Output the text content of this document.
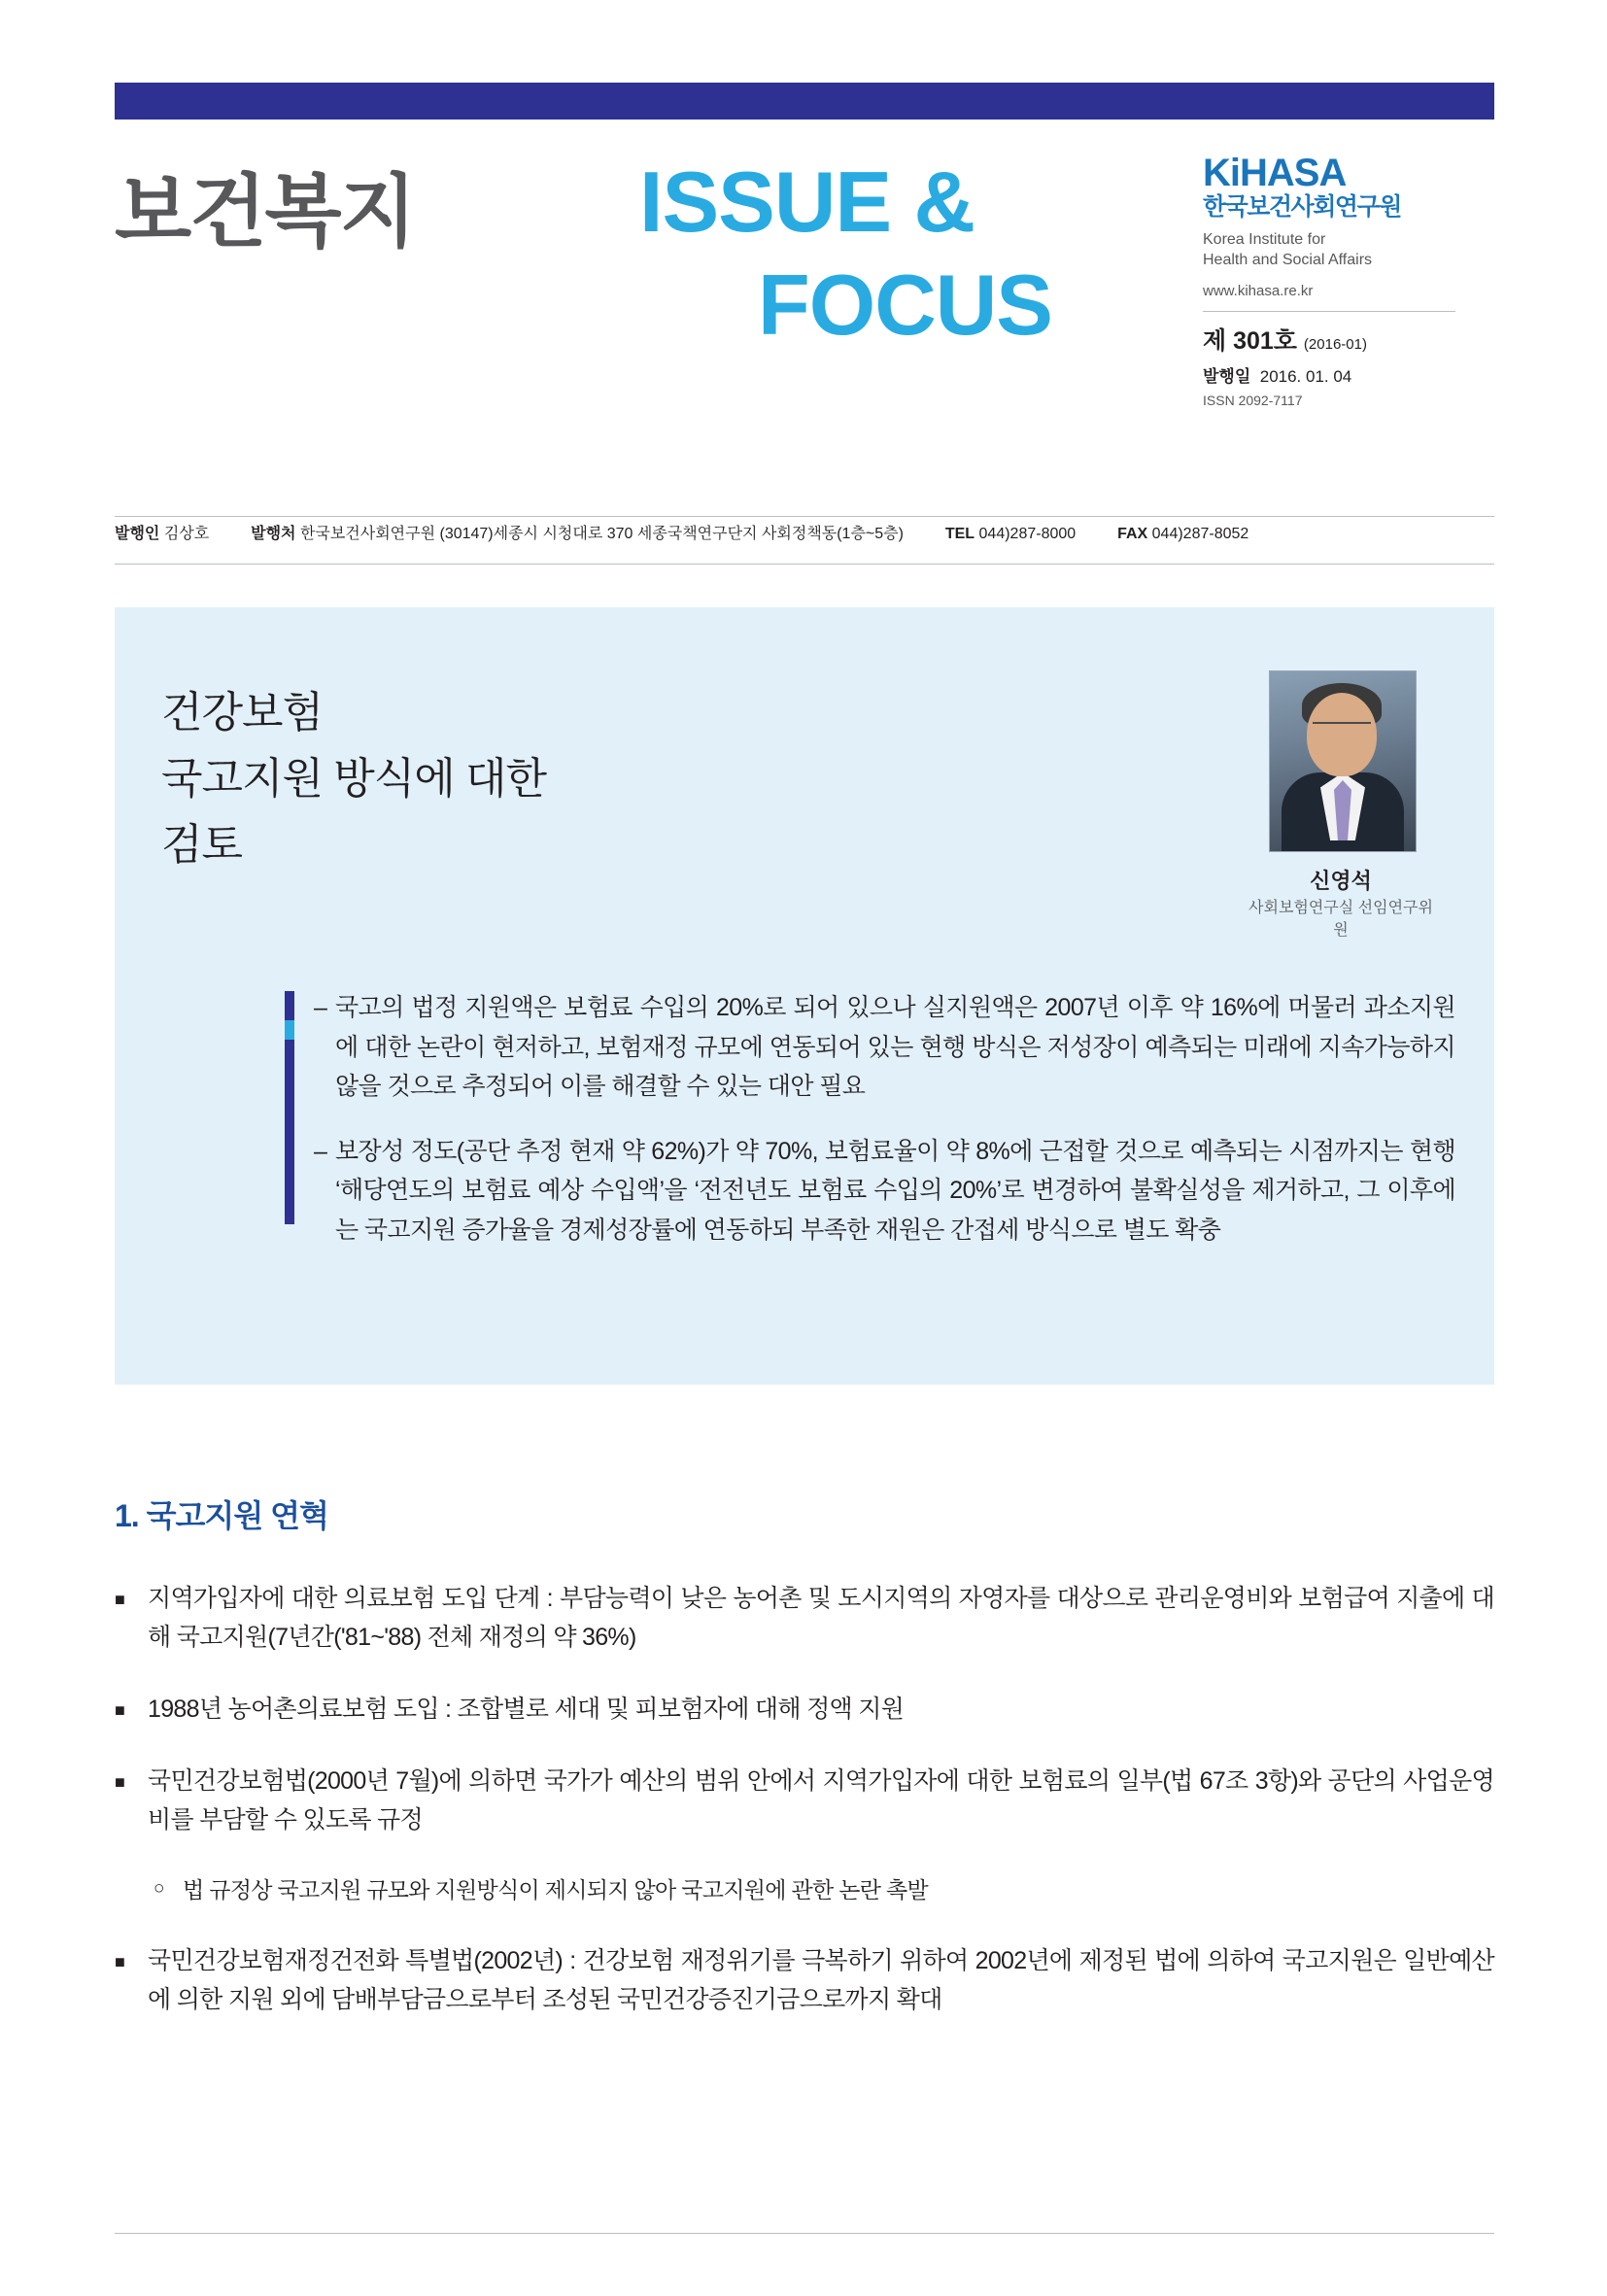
보건복지	ISSUE &
FOCUS
KiHASA
한국보건사회연구원
Korea Institute for
Health and Social Affairs
www.kihasa.re.kr
제 301호 (2016-01)
발행일 2016. 01. 04
ISSN 2092-7117
발행인 김상호	발행처 한국보건사회연구원 (30147)세종시 시청대로 370 세종국책연구단지 사회정책동(1층~5층)	TEL 044)287-8000	FAX 044)287-8052
건강보험
국고지원 방식에 대한
검토
신영석
사회보험연구실 선임연구위원
– 국고의 법정 지원액은 보험료 수입의 20%로 되어 있으나 실지원액은 2007년 이후 약 16%에 머물러 과소지원에 대한 논란이 현저하고, 보험재정 규모에 연동되어 있는 현행 방식은 저성장이 예측되는 미래에 지속가능하지 않을 것으로 추정되어 이를 해결할 수 있는 대안 필요
– 보장성 정도(공단 추정 현재 약 62%)가 약 70%, 보험료율이 약 8%에 근접할 것으로 예측되는 시점까지는 현행 ‘해당연도의 보험료 예상 수입액’을 ‘전전년도 보험료 수입의 20%’로 변경하여 불확실성을 제거하고, 그 이후에는 국고지원 증가율을 경제성장률에 연동하되 부족한 재원은 간접세 방식으로 별도 확충
1. 국고지원 연혁
■ 지역가입자에 대한 의료보험 도입 단계 : 부담능력이 낮은 농어촌 및 도시지역의 자영자를 대상으로 관리운영비와 보험급여 지출에 대해 국고지원(7년간('81~'88) 전체 재정의 약 36%)
■ 1988년 농어촌의료보험 도입 : 조합별로 세대 및 피보험자에 대해 정액 지원
■ 국민건강보험법(2000년 7월)에 의하면 국가가 예산의 범위 안에서 지역가입자에 대한 보험료의 일부(법 67조 3항)와 공단의 사업운영비를 부담할 수 있도록 규정
○ 법 규정상 국고지원 규모와 지원방식이 제시되지 않아 국고지원에 관한 논란 촉발
■ 국민건강보험재정건전화 특별법(2002년) : 건강보험 재정위기를 극복하기 위하여 2002년에 제정된 법에 의하여 국고지원은 일반예산에 의한 지원 외에 담배부담금으로부터 조성된 국민건강증진기금으로까지 확대
